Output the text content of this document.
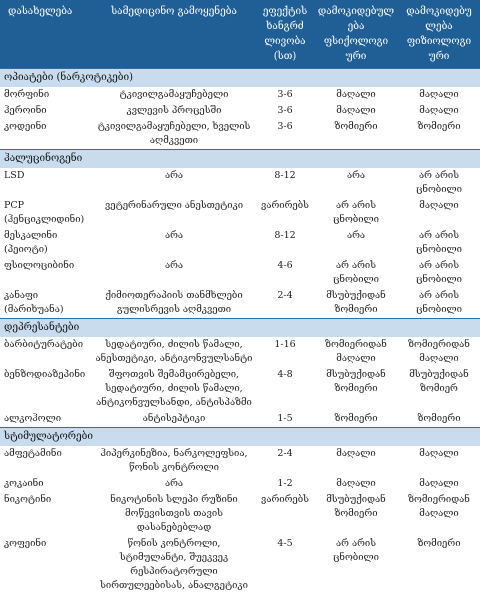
დასახელება	სამედიცინო გამოყენება	ეფექტის ხანგრძ ლივობა (სთ)	დამოკიდებულება ფსიქოლოგი ური	დამოკიდებულება ფიზიოლოგი ური
ოპიატები (ნარკოტიკები)				
მორფინი	ტკივილგამაყუჩებელი	3-6	მაღალი	მაღალი
ჰეროინი	კვლევის პროცესში	3-6	მაღალი	მაღალი
კოდეინი	ტკივილგამაყუჩებელი, ხველის აღმკვეთი	3-6	ზომიერი	ზომიერი
ჰალუცინოგენი				
LSD	არა	8-12	არა	არ არის ცნობილი
PCP (ჰენციკლიდინი)	ვეტერინარული ანესთეტიკი	ვარირებს	არ არის ცნობილი	მაღალი
მესკალინი (პეიოტი)	არა	8-12	არა	არ არის ცნობილი
ფსილოციბინი	არა	4-6	არ არის ცნობილი	არ არის ცნობილი
კანაფი (მარიხუანა)	ქიმიოთერაპიის თანმხლები გულისრევის აღმკვეთი	2-4	მსუბუქიდან ზომიერი	არ არის ცნობილი
დეპრესანტები				
ბარბიტურატები	სედატიური, ძილის წამალი, ანესთეტიკი, ანტიკონვულსანტი	1-16	ზომიერიდან მაღალი	ზომიერიდან მაღალი
ბენზოდიაზეპინი	შფოთვის შემამცირებელი, სედატიური, ძილის წამალი, ანტიკონვულსანდი, ანტისპაზმი	4-8	მსუბუქიდან ზომიერი	მსუბუქიდან ზომიერ
ალკოჰოლი	ანტისეპტიკი	1-5	ზომიერი	ზომიერი
სტიმულატორები				
ამფეტამინი	ჰიპერკინეზია, ნარკოლეფსია, წონის კონტროლი	2-4	მაღალი	მაღალი
კოკაინი	არა	1-2	მაღალი	მაღალი
ნიკოტინი	ნიკოტინის სლეპი რუზინი მოწევისთვის თავის დასანებებლად	ვარირებს	მსუბუქიდან ზომიერი	ზომიერიდან მაღალი
კოფეინი	წონის კონტროლი, სტიმულანტი, შუეკვეკ რესპირატორული სირთულეებისას, ანალგეტიკი	4-5	არ არის ცნობილი	ზომიერი
